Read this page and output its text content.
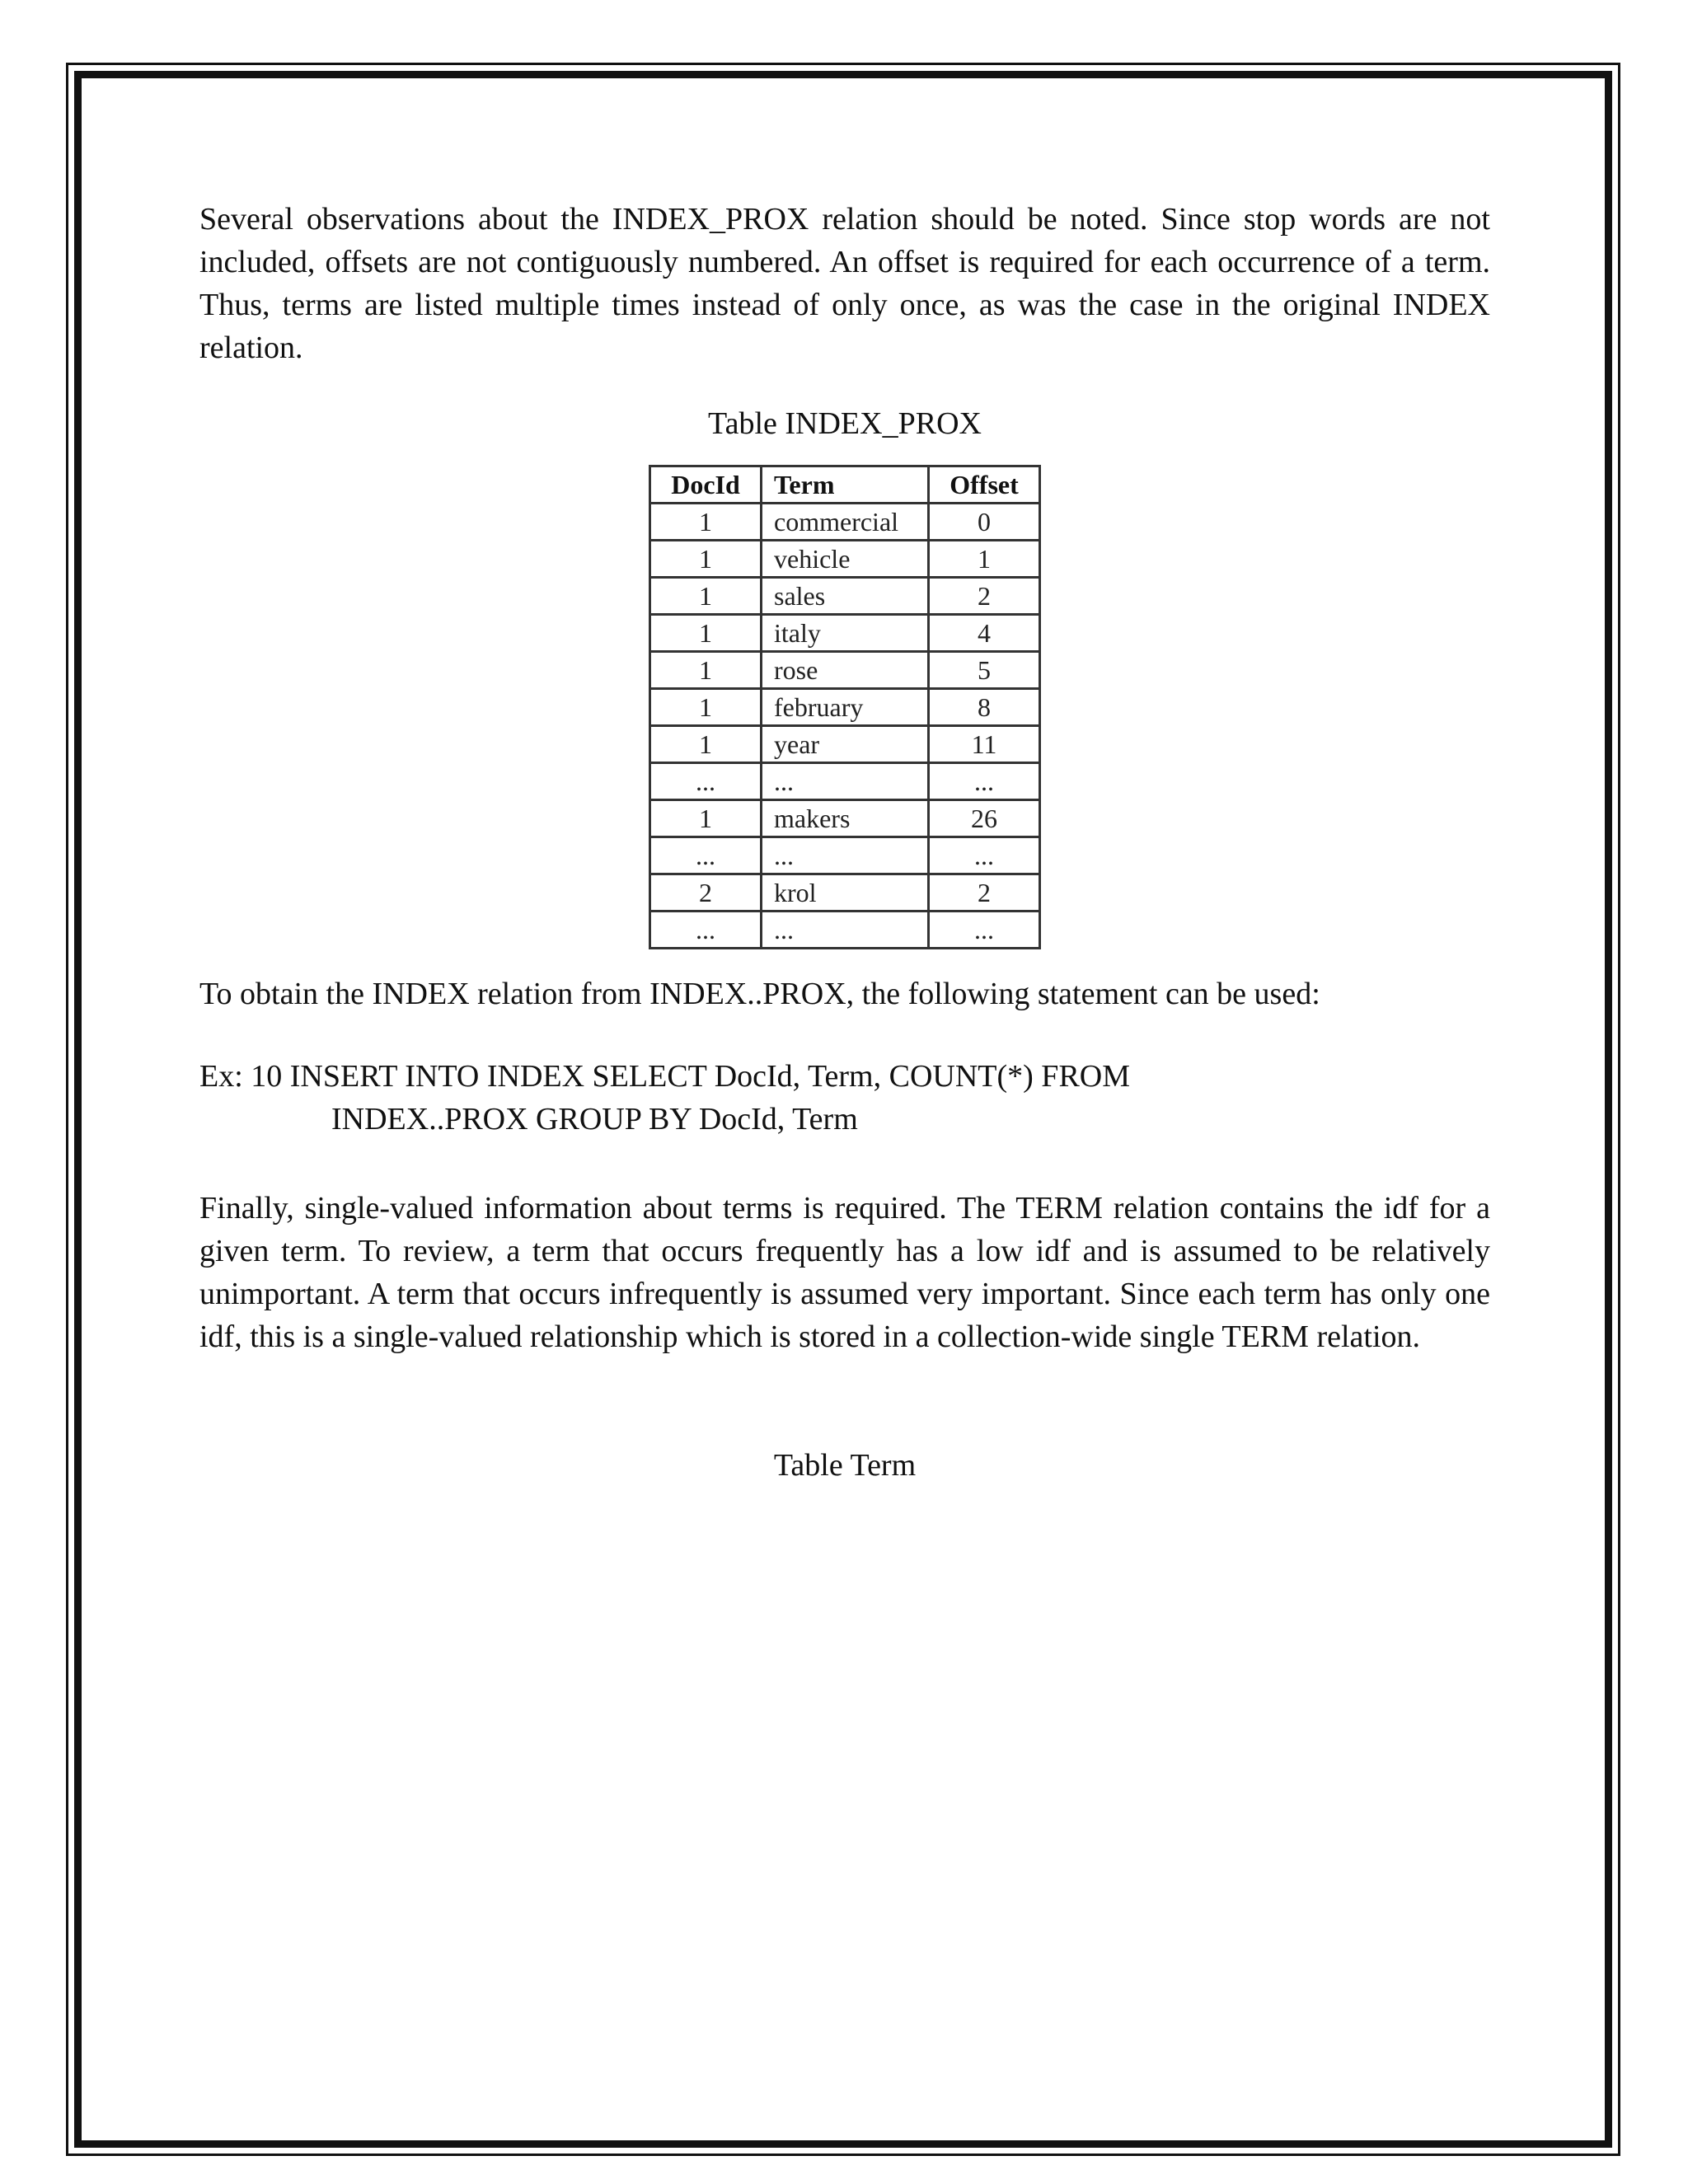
Several observations about the INDEX_PROX relation should be noted. Since stop words are not included, offsets are not contiguously numbered. An offset is required for each occurrence of a term. Thus, terms are listed multiple times instead of only once, as was the case in the original INDEX relation.

Table INDEX_PROX

DocId	Term	Offset
1	commercial	0
1	vehicle	1
1	sales	2
1	italy	4
1	rose	5
1	february	8
1	year	11
...	...	...
1	makers	26
...	...	...
2	krol	2
...	...	...

To obtain the INDEX relation from INDEX..PROX, the following statement can be used:

Ex: 10 INSERT INTO INDEX SELECT DocId, Term, COUNT(*) FROM
INDEX..PROX GROUP BY DocId, Term

Finally, single-valued information about terms is required. The TERM relation contains the idf for a given term. To review, a term that occurs frequently has a low idf and is assumed to be relatively unimportant. A term that occurs infrequently is assumed very important. Since each term has only one idf, this is a single-valued relationship which is stored in a collection-wide single TERM relation.

Table Term
